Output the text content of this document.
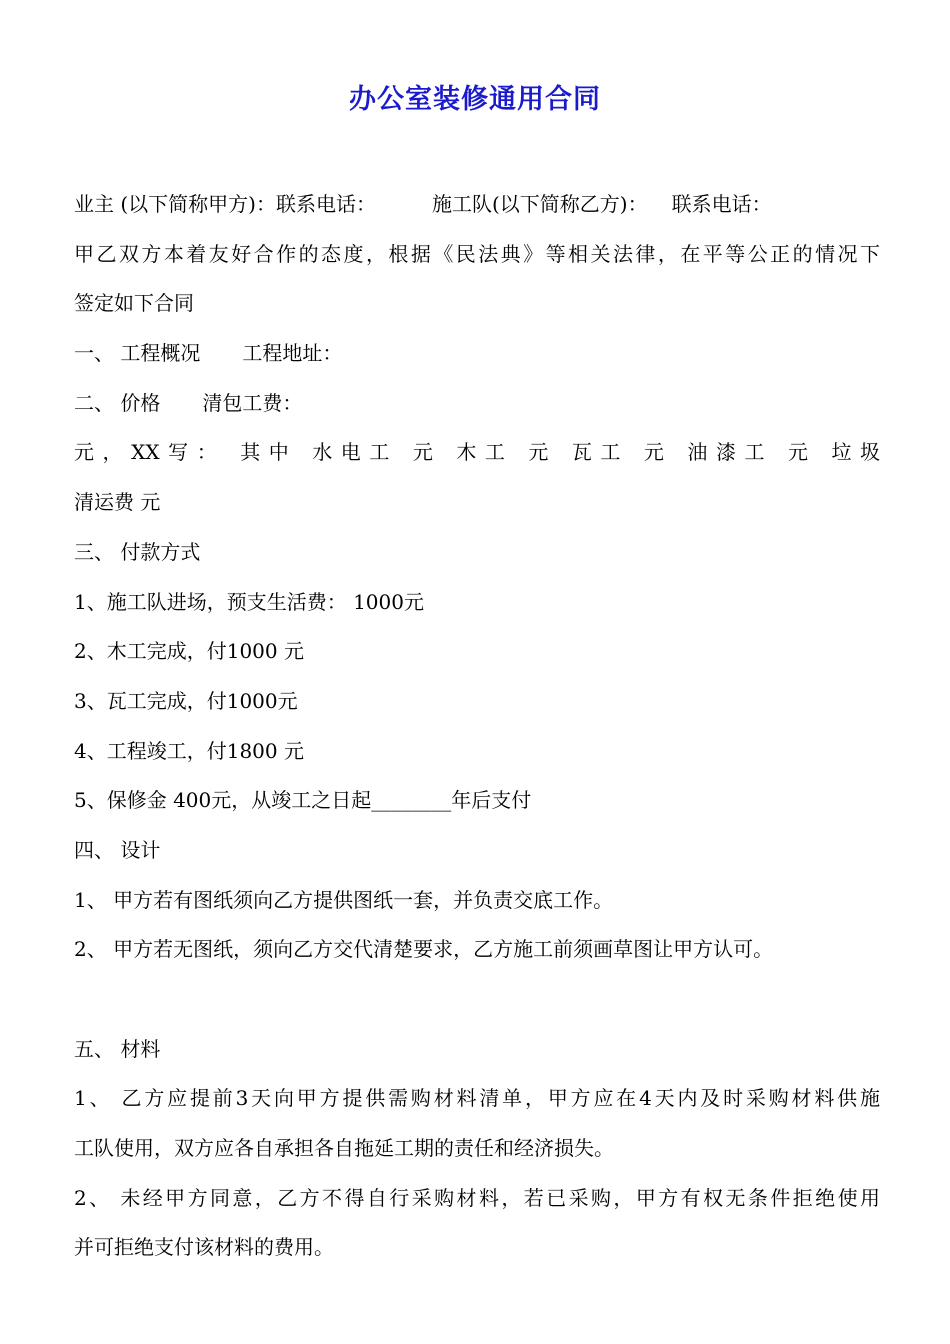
办公室装修通用合同
业主 (以下简称甲方)：联系电话：	施工队(以下简称乙方)： 联系电话：
甲乙双方本着友好合作的态度，根据《民法典》等相关法律，在平等公正的情况下
签定如下合同
一、 工程概况 工程地址：
二、 价格 清包工费：
元，XX写： 其中 水电工 元 木工 元 瓦工 元 油漆工 元 垃圾
清运费 元
三、 付款方式
1、施工队进场，预支生活费： 1000元
2、木工完成，付1000 元
3、瓦工完成，付1000元
4、工程竣工，付1800 元
5、保修金 400元，从竣工之日起________年后支付
四、 设计
1、 甲方若有图纸须向乙方提供图纸一套，并负责交底工作。
2、 甲方若无图纸，须向乙方交代清楚要求，乙方施工前须画草图让甲方认可。
五、 材料
1、 乙方应提前3天向甲方提供需购材料清单，甲方应在4天内及时采购材料供施
工队使用，双方应各自承担各自拖延工期的责任和经济损失。
2、 未经甲方同意，乙方不得自行采购材料，若已采购，甲方有权无条件拒绝使用
并可拒绝支付该材料的费用。
